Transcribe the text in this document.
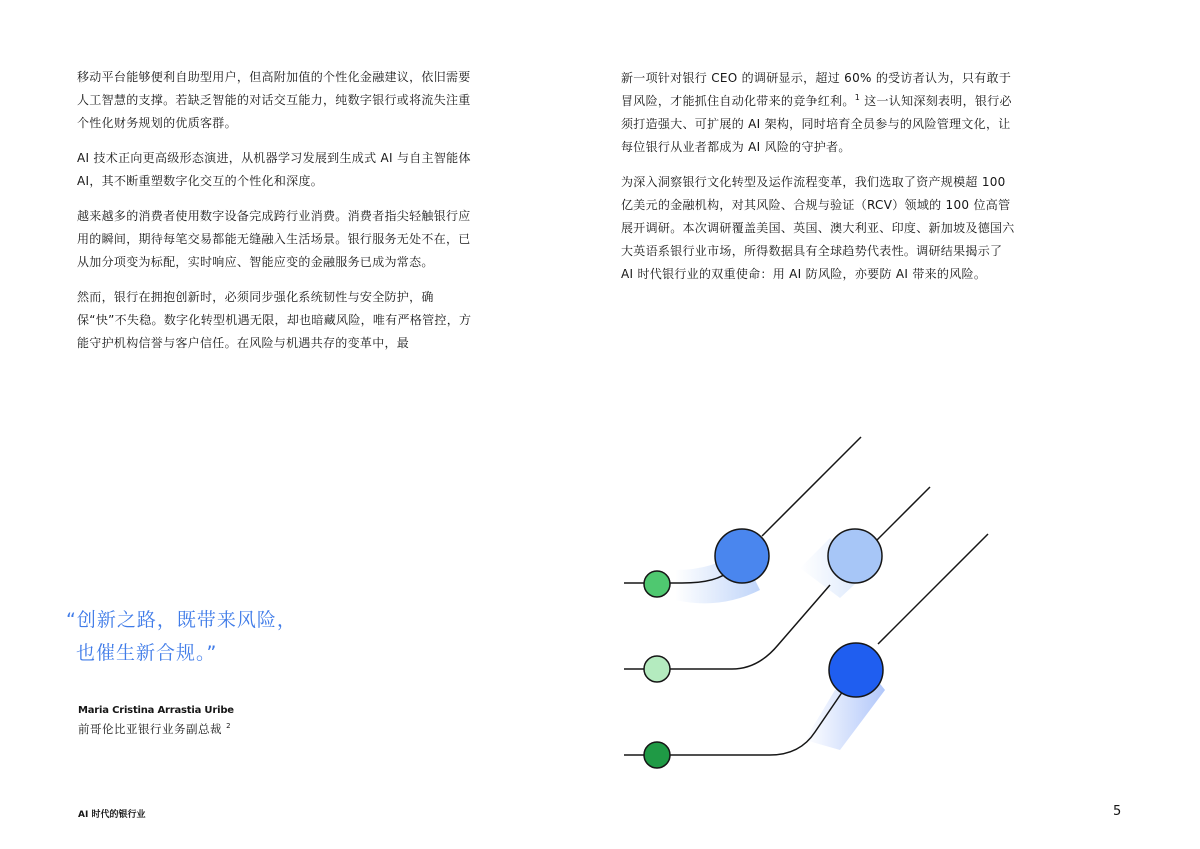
移动平台能够便利自助型用户，但高附加值的个性化金融建议，依旧需要人工智慧的支撑。若缺乏智能的对话交互能力，纯数字银行或将流失注重个性化财务规划的优质客群。

AI 技术正向更高级形态演进，从机器学习发展到生成式 AI 与自主智能体 AI，其不断重塑数字化交互的个性化和深度。

越来越多的消费者使用数字设备完成跨行业消费。消费者指尖轻触银行应用的瞬间，期待每笔交易都能无缝融入生活场景。银行服务无处不在，已从加分项变为标配，实时响应、智能应变的金融服务已成为常态。

然而，银行在拥抱创新时，必须同步强化系统韧性与安全防护，确保“快”不失稳。数字化转型机遇无限，却也暗藏风险，唯有严格管控，方能守护机构信誉与客户信任。在风险与机遇共存的变革中，最

新一项针对银行 CEO 的调研显示，超过 60% 的受访者认为，只有敢于冒风险，才能抓住自动化带来的竞争红利。$^1$ 这一认知深刻表明，银行必须打造强大、可扩展的 AI 架构，同时培育全员参与的风险管理文化，让每位银行从业者都成为 AI 风险的守护者。

为深入洞察银行文化转型及运作流程变革，我们选取了资产规模超 100 亿美元的金融机构，对其风险、合规与验证（RCV）领域的 100 位高管展开调研。本次调研覆盖美国、英国、澳大利亚、印度、新加坡及德国六大英语系银行业市场，所得数据具有全球趋势代表性。调研结果揭示了 AI 时代银行业的双重使命：用 AI 防风险，亦要防 AI 带来的风险。

“创新之路，既带来风险，
也催生新合规。”
Maria Cristina Arrastia Uribe
前哥伦比亚银行业务副总裁 $^2$
AI 时代的银行业	5
